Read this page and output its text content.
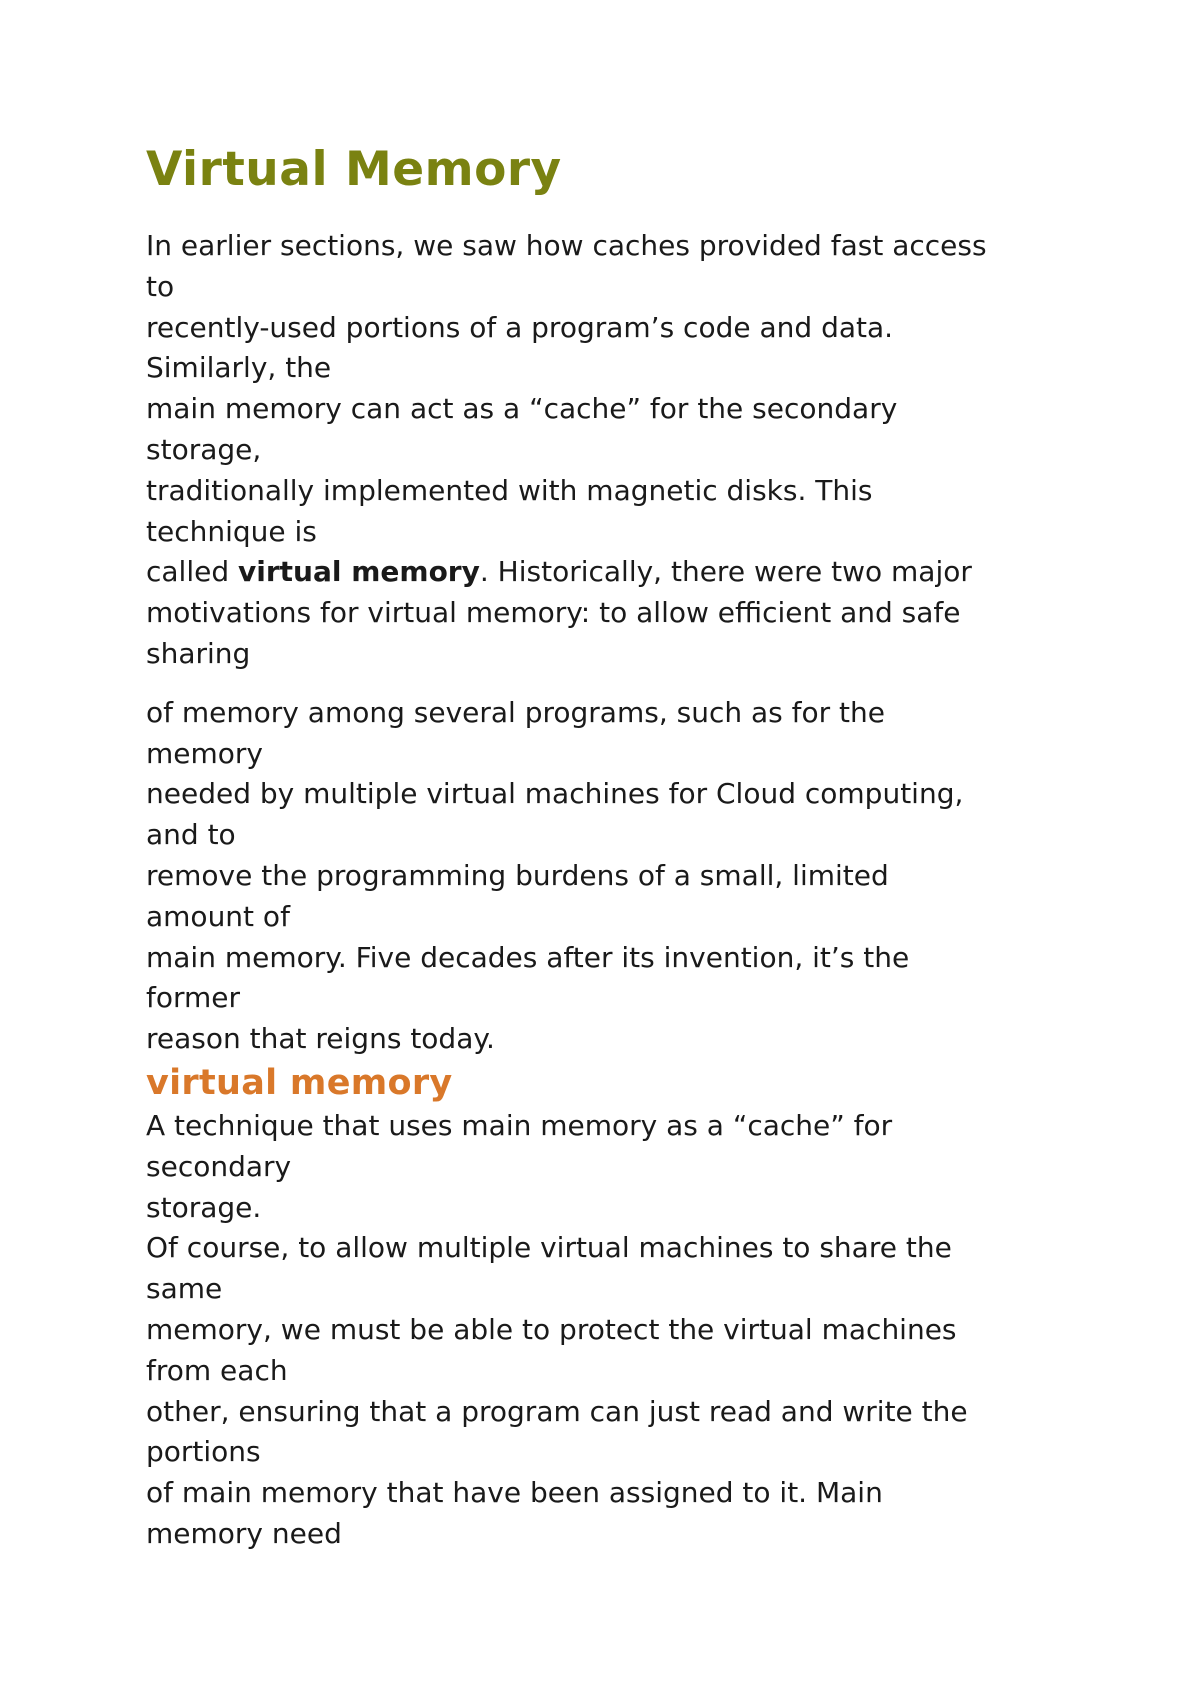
Virtual Memory

In earlier sections, we saw how caches provided fast access

to

recently-used portions of a program’s code and data.

Similarly, the

main memory can act as a “cache” for the secondary

storage,

traditionally implemented with magnetic disks. This

technique is

called virtual memory. Historically, there were two major

motivations for virtual memory: to allow efficient and safe

sharing

of memory among several programs, such as for the

memory

needed by multiple virtual machines for Cloud computing,

and to

remove the programming burdens of a small, limited

amount of

main memory. Five decades after its invention, it’s the

former

reason that reigns today.

virtual memory

A technique that uses main memory as a “cache” for

secondary

storage.

Of course, to allow multiple virtual machines to share the

same

memory, we must be able to protect the virtual machines

from each

other, ensuring that a program can just read and write the

portions

of main memory that have been assigned to it. Main

memory need
